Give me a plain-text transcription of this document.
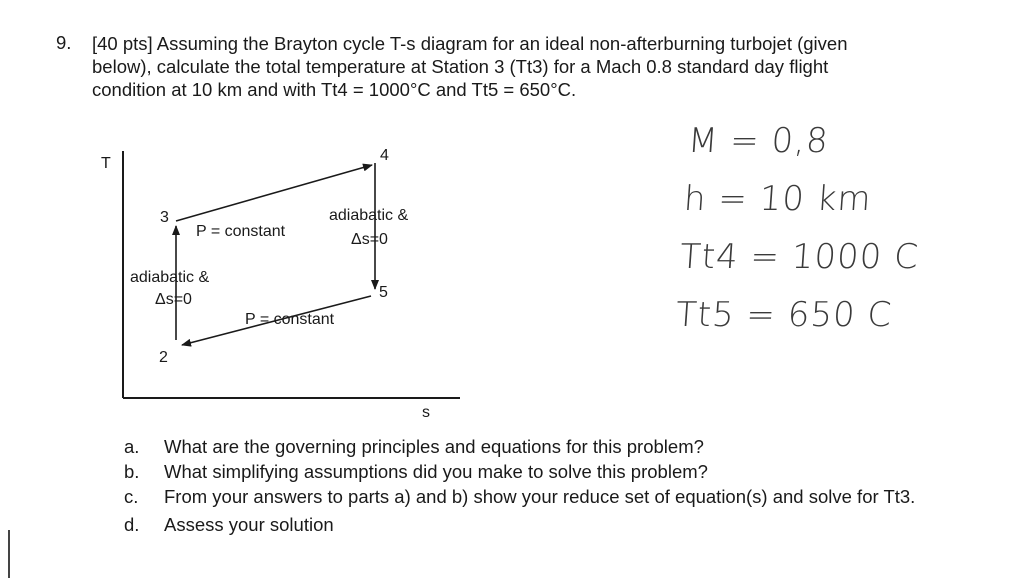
9. [40 pts] Assuming the Brayton cycle T-s diagram for an ideal non-afterburning turbojet (given
below), calculate the total temperature at Station 3 (Tt3) for a Mach 0.8 standard day flight
condition at 10 km and with Tt4 = 1000°C and Tt5 = 650°C.
M = 0,8
h = 10 km
Tt4 = 1000 C
Tt5 = 650 C
T
s
2
3
4
5
P = constant
adiabatic &
Δs=0
adiabatic &
Δs=0
P = constant
a. What are the governing principles and equations for this problem?
b. What simplifying assumptions did you make to solve this problem?
c. From your answers to parts a) and b) show your reduce set of equation(s) and solve for Tt3.
d. Assess your solution
